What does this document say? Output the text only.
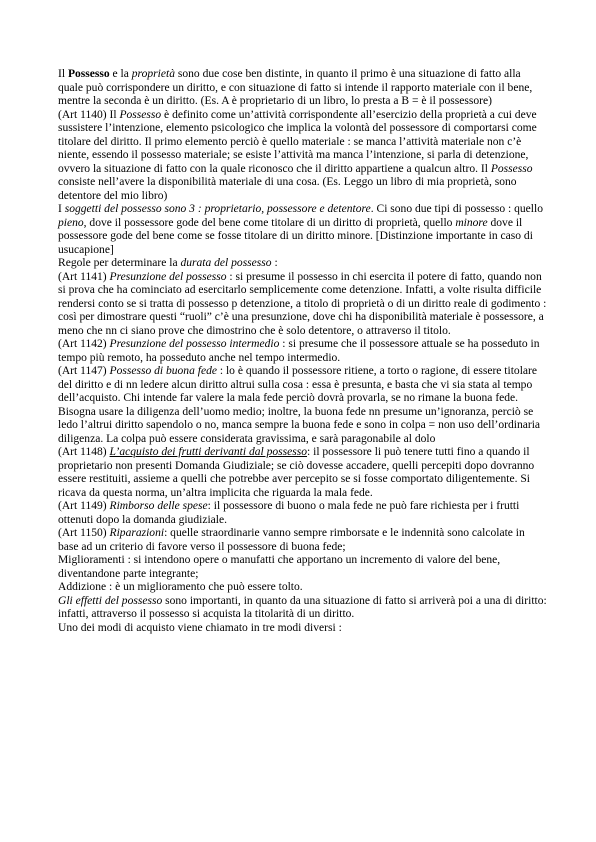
Il Possesso e la proprietà sono due cose ben distinte, in quanto il primo è una situazione di fatto alla quale può corrispondere un diritto, e con situazione di fatto si intende il rapporto materiale con il bene, mentre la seconda è un diritto. (Es. A è proprietario di un libro, lo presta a B = è il possessore)

(Art 1140) Il Possesso è definito come un’attività corrispondente all’esercizio della proprietà a cui deve sussistere l’intenzione, elemento psicologico che implica la volontà del possessore di comportarsi come titolare del diritto. Il primo elemento perciò è quello materiale : se manca l’attività materiale non c’è niente, essendo il possesso materiale; se esiste l’attività ma manca l’intenzione, si parla di detenzione, ovvero la situazione di fatto con la quale riconosco che il diritto appartiene a qualcun altro. Il Possesso consiste nell’avere la disponibilità materiale di una cosa. (Es. Leggo un libro di mia proprietà, sono detentore del mio libro)

I soggetti del possesso sono 3 : proprietario, possessore e detentore. Ci sono due tipi di possesso : quello pieno, dove il possessore gode del bene come titolare di un diritto di proprietà, quello minore dove il possessore gode del bene come se fosse titolare di un diritto minore. [Distinzione importante in caso di usucapione]

Regole per determinare la durata del possesso :

(Art 1141) Presunzione del possesso : si presume il possesso in chi esercita il potere di fatto, quando non si prova che ha cominciato ad esercitarlo semplicemente come detenzione. Infatti, a volte risulta difficile rendersi conto se si tratta di possesso p detenzione, a titolo di proprietà o di un diritto reale di godimento : così per dimostrare questi “ruoli” c’è una presunzione, dove chi ha disponibilità materiale è possessore, a meno che nn ci siano prove che dimostrino che è solo detentore, o attraverso il titolo.

(Art 1142) Presunzione del possesso intermedio : si presume che il possessore attuale se ha posseduto in tempo più remoto, ha posseduto anche nel tempo intermedio.

(Art 1147) Possesso di buona fede : lo è quando il possessore ritiene, a torto o ragione, di essere titolare del diritto e di nn ledere alcun diritto altrui sulla cosa : essa è presunta, e basta che vi sia stata al tempo dell’acquisto. Chi intende far valere la mala fede perciò dovrà provarla, se no rimane la buona fede. Bisogna usare la diligenza dell’uomo medio; inoltre, la buona fede nn presume un’ignoranza, perciò se ledo l’altrui diritto sapendolo o no, manca sempre la buona fede e sono in colpa = non uso dell’ordinaria diligenza. La colpa può essere considerata gravissima, e sarà paragonabile al dolo

(Art 1148) L’acquisto dei frutti derivanti dal possesso: il possessore li può tenere tutti fino a quando il proprietario non presenti Domanda Giudiziale; se ciò dovesse accadere, quelli percepiti dopo dovranno essere restituiti, assieme a quelli che potrebbe aver percepito se si fosse comportato diligentemente. Si ricava da questa norma, un’altra implicita che riguarda la mala fede.

(Art 1149) Rimborso delle spese: il possessore di buono o mala fede ne può fare richiesta per i frutti ottenuti dopo la domanda giudiziale.

(Art 1150) Riparazioni: quelle straordinarie vanno sempre rimborsate e le indennità sono calcolate in base ad un criterio di favore verso il possessore di buona fede;

Miglioramenti : si intendono opere o manufatti che apportano un incremento di valore del bene, diventandone parte integrante;

Addizione : è un miglioramento che può essere tolto.

Gli effetti del possesso sono importanti, in quanto da una situazione di fatto si arriverà poi a una di diritto: infatti, attraverso il possesso si acquista la titolarità di un diritto.

Uno dei modi di acquisto viene chiamato in tre modi diversi :
